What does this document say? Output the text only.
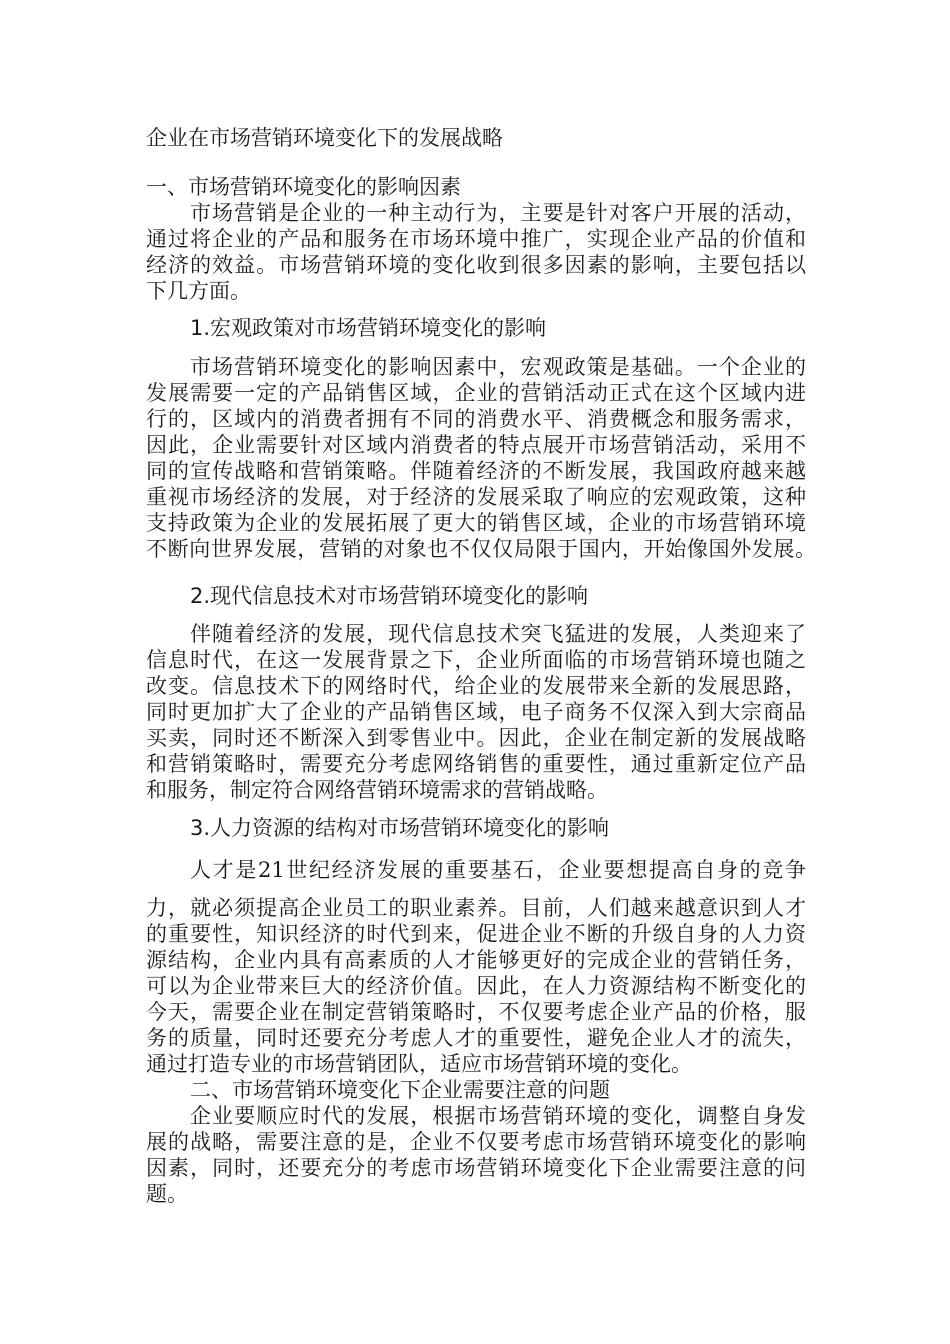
企业在市场营销环境变化下的发展战略

一、市场营销环境变化的影响因素

市场营销是企业的一种主动行为，主要是针对客户开展的活动，

通过将企业的产品和服务在市场环境中推广，实现企业产品的价值和

经济的效益。市场营销环境的变化收到很多因素的影响，主要包括以

下几方面。

1.宏观政策对市场营销环境变化的影响

市场营销环境变化的影响因素中，宏观政策是基础。一个企业的

发展需要一定的产品销售区域，企业的营销活动正式在这个区域内进

行的，区域内的消费者拥有不同的消费水平、消费概念和服务需求，

因此，企业需要针对区域内消费者的特点展开市场营销活动，采用不

同的宣传战略和营销策略。伴随着经济的不断发展，我国政府越来越

重视市场经济的发展，对于经济的发展采取了响应的宏观政策，这种

支持政策为企业的发展拓展了更大的销售区域，企业的市场营销环境

不断向世界发展，营销的对象也不仅仅局限于国内，开始像国外发展。

2.现代信息技术对市场营销环境变化的影响

伴随着经济的发展，现代信息技术突飞猛进的发展，人类迎来了

信息时代，在这一发展背景之下，企业所面临的市场营销环境也随之

改变。信息技术下的网络时代，给企业的发展带来全新的发展思路，

同时更加扩大了企业的产品销售区域，电子商务不仅深入到大宗商品

买卖，同时还不断深入到零售业中。因此，企业在制定新的发展战略

和营销策略时，需要充分考虑网络销售的重要性，通过重新定位产品

和服务，制定符合网络营销环境需求的营销战略。

3.人力资源的结构对市场营销环境变化的影响

人才是21世纪经济发展的重要基石，企业要想提高自身的竞争

力，就必须提高企业员工的职业素养。目前，人们越来越意识到人才

的重要性，知识经济的时代到来，促进企业不断的升级自身的人力资

源结构，企业内具有高素质的人才能够更好的完成企业的营销任务，

可以为企业带来巨大的经济价值。因此，在人力资源结构不断变化的

今天，需要企业在制定营销策略时，不仅要考虑企业产品的价格，服

务的质量，同时还要充分考虑人才的重要性，避免企业人才的流失，

通过打造专业的市场营销团队，适应市场营销环境的变化。

二、市场营销环境变化下企业需要注意的问题

企业要顺应时代的发展，根据市场营销环境的变化，调整自身发

展的战略，需要注意的是，企业不仅要考虑市场营销环境变化的影响

因素，同时，还要充分的考虑市场营销环境变化下企业需要注意的问

题。
